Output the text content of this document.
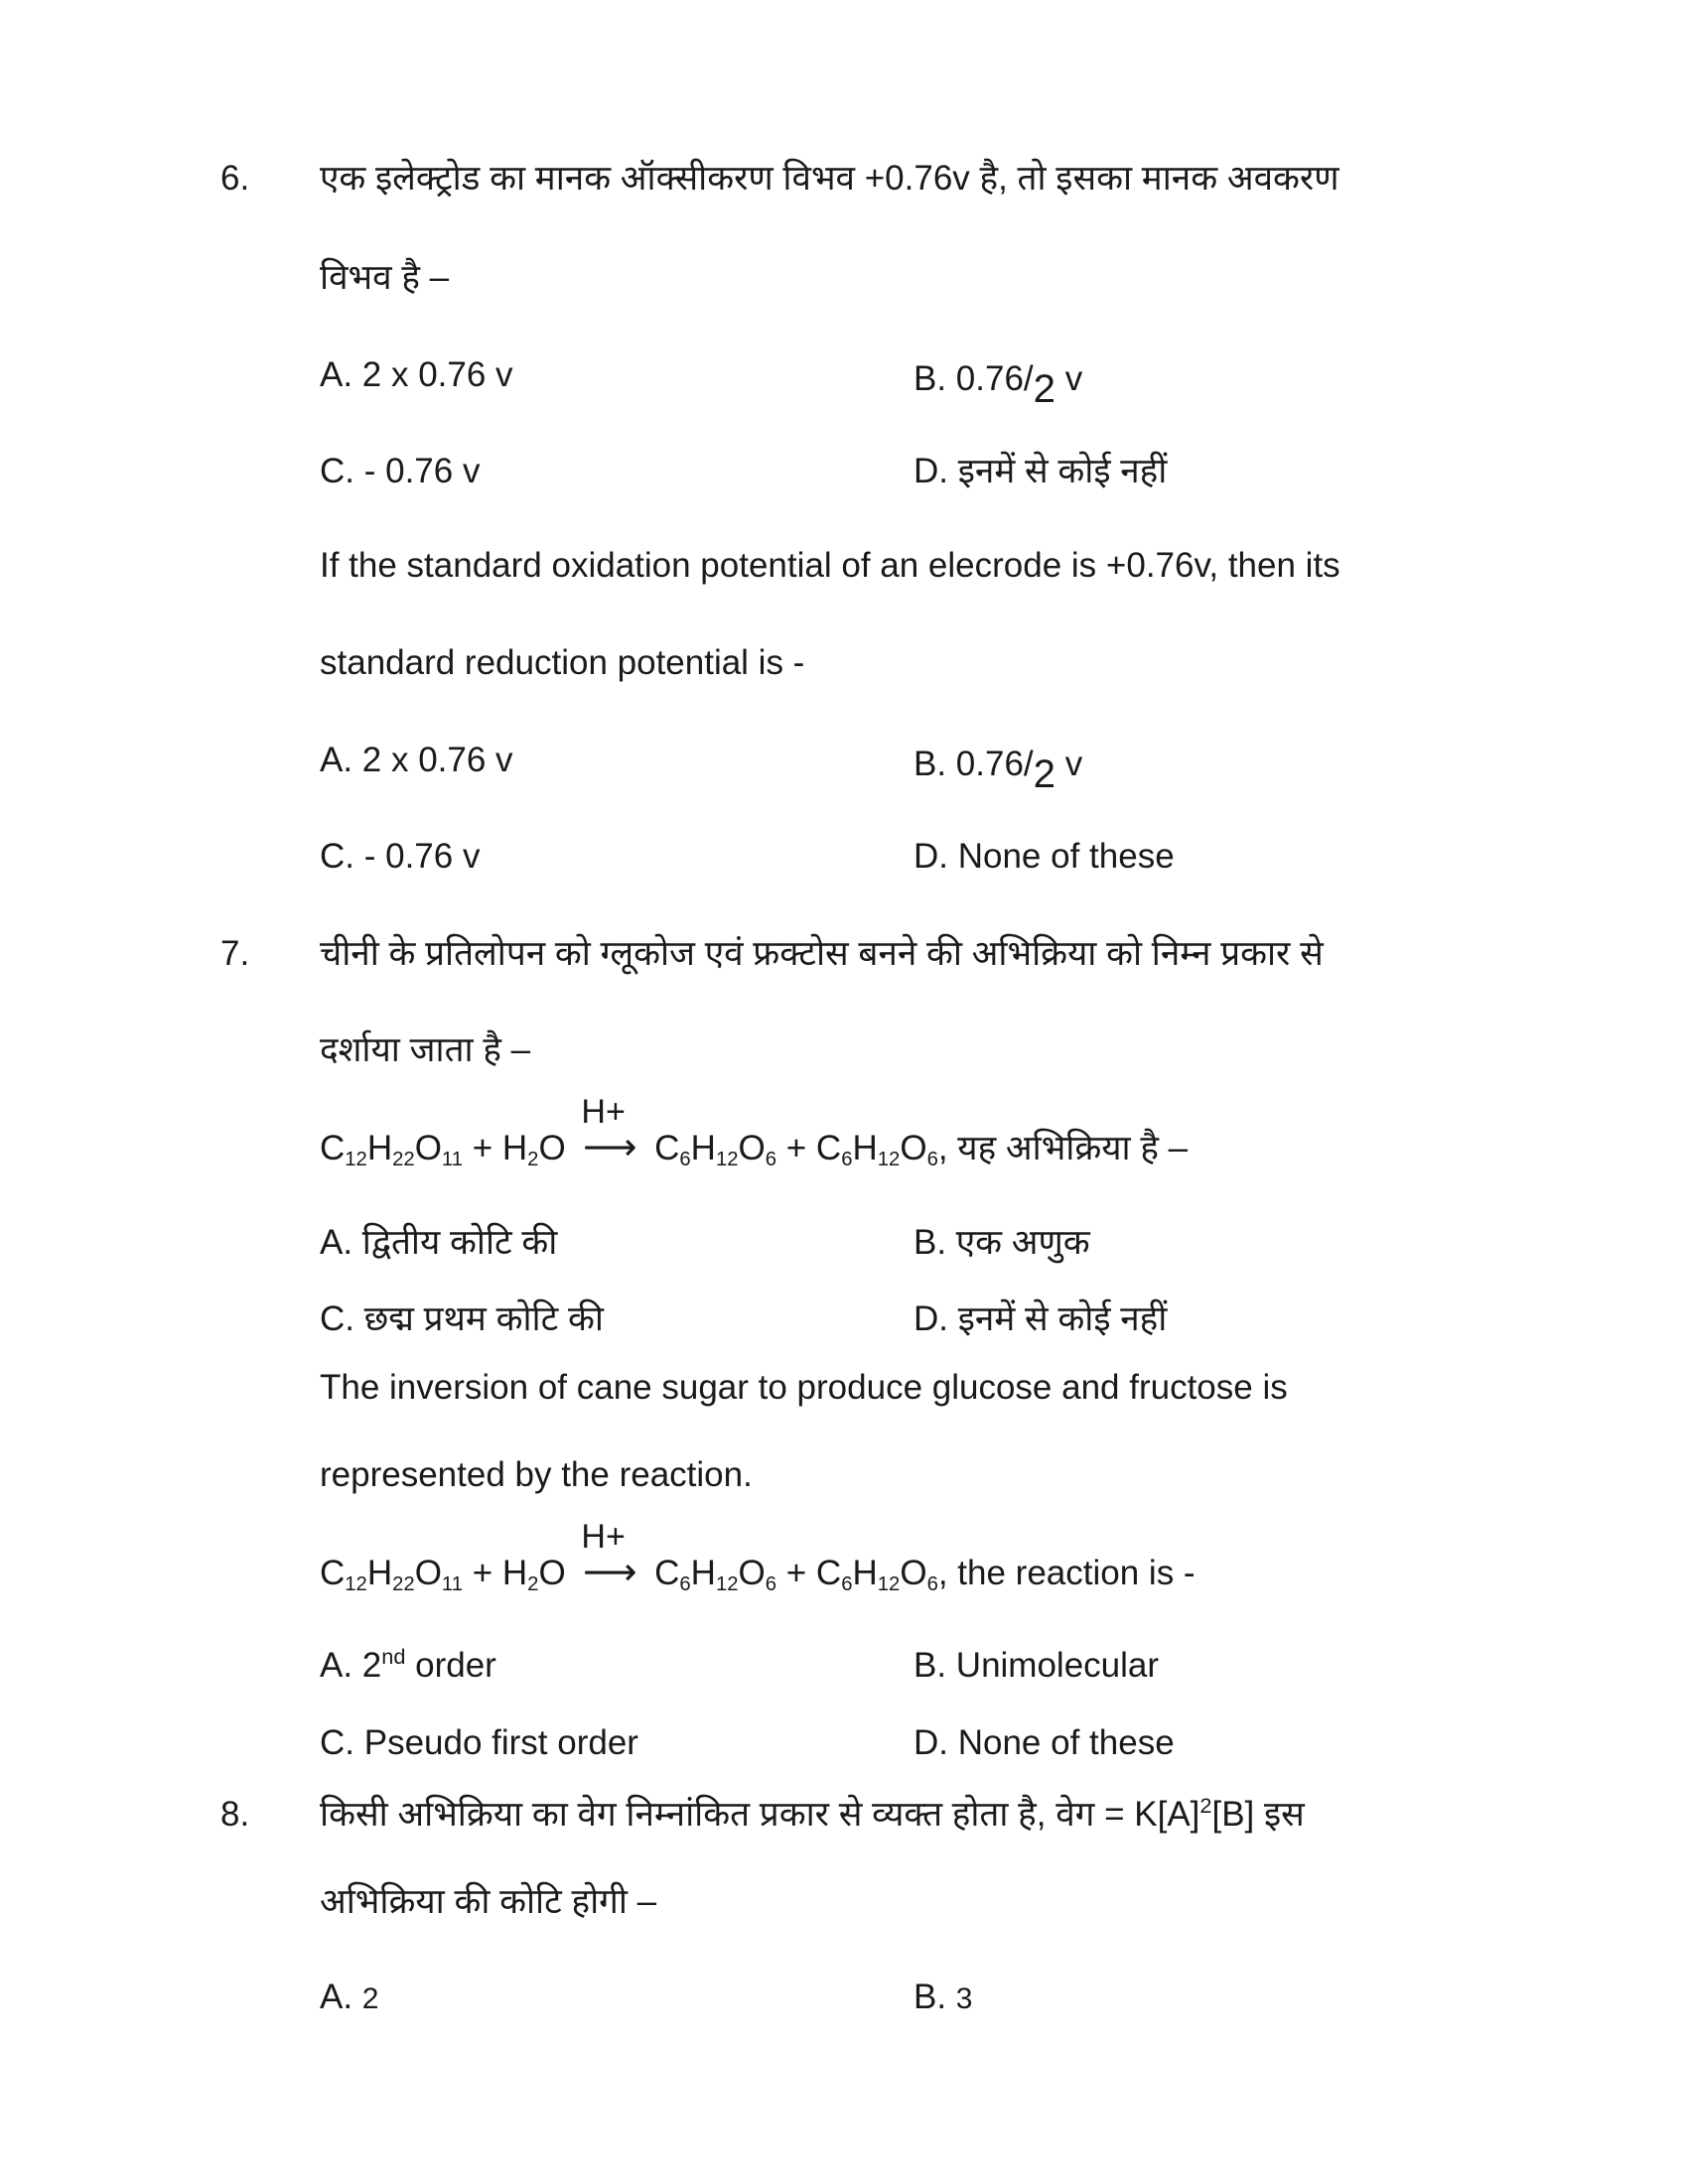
6. एक इलेक्ट्रोड का मानक ऑक्सीकरण विभव +0.76v है, तो इसका मानक अवकरण
विभव है –
A. 2 x 0.76 v	B. 0.76/2 v
C. - 0.76 v	D. इनमें से कोई नहीं
If the standard oxidation potential of an elecrode is +0.76v, then its
standard reduction potential is -
A. 2 x 0.76 v	B. 0.76/2 v
C. - 0.76 v	D. None of these
7. चीनी के प्रतिलोपन को ग्लूकोज एवं फ्रक्टोस बनने की अभिक्रिया को निम्न प्रकार से
दर्शाया जाता है –
$C_{12}H_{22}O_{11} + H_2O$
H+
⟶ $C_6H_{12}O_6 + C_6H_{12}O_6$, यह अभिक्रिया है –
A. द्वितीय कोटि की	B. एक अणुक
C. छद्म प्रथम कोटि की	D. इनमें से कोई नहीं
The inversion of cane sugar to produce glucose and fructose is
represented by the reaction.
$C_{12}H_{22}O_{11} + H_2O$
H+
⟶ $C_6H_{12}O_6 + C_6H_{12}O_6$, the reaction is -
A. 2nd order	B. Unimolecular
C. Pseudo first order	D. None of these
8. किसी अभिक्रिया का वेग निम्नांकित प्रकार से व्यक्त होता है, वेग = $K[A]^2[B]$ इस
अभिक्रिया की कोटि होगी –
A. 2	B. 3
